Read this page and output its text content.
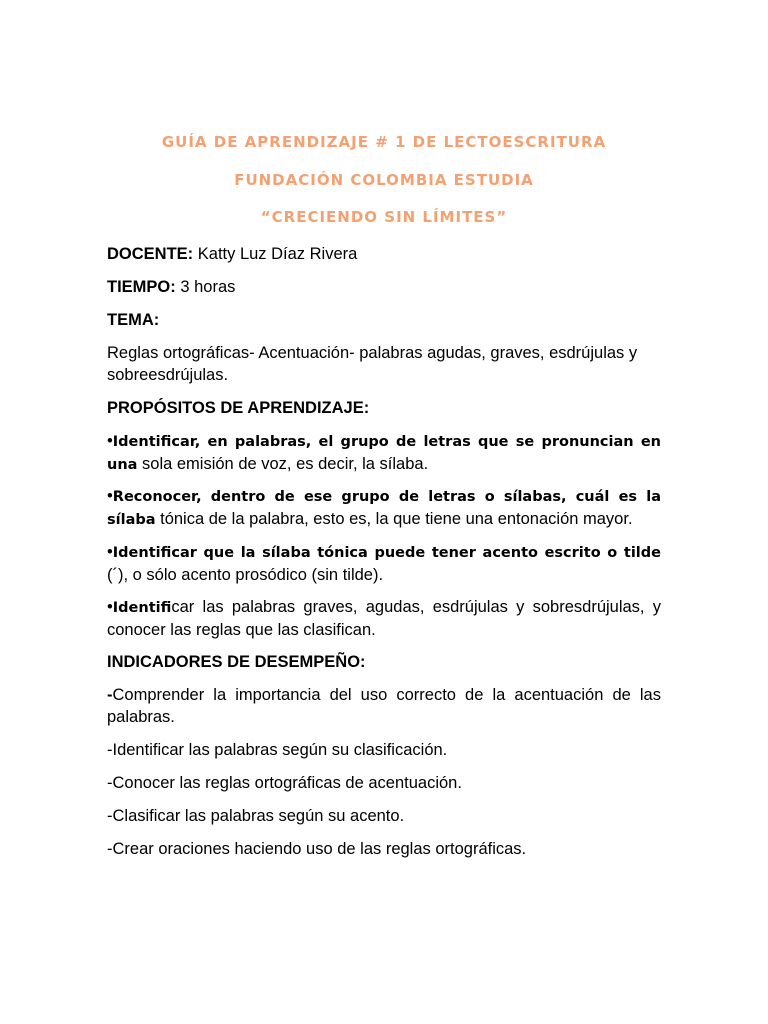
GUÍA DE APRENDIZAJE # 1 DE LECTOESCRITURA
FUNDACIÓN COLOMBIA ESTUDIA
“CRECIENDO SIN LÍMITES”
DOCENTE: Katty Luz Díaz Rivera
TIEMPO: 3 horas
TEMA:
Reglas ortográficas- Acentuación- palabras agudas, graves, esdrújulas y sobreesdrújulas.
PROPÓSITOS DE APRENDIZAJE:
•Identificar, en palabras, el grupo de letras que se pronuncian en una sola emisión de voz, es decir, la sílaba.
•Reconocer, dentro de ese grupo de letras o sílabas, cuál es la sílaba tónica de la palabra, esto es, la que tiene una entonación mayor.
•Identificar que la sílaba tónica puede tener acento escrito o tilde (´), o sólo acento prosódico (sin tilde).
•Identificar las palabras graves, agudas, esdrújulas y sobresdrújulas, y conocer las reglas que las clasifican.
INDICADORES DE DESEMPEÑO:
-Comprender la importancia del uso correcto de la acentuación de las palabras.
-Identificar las palabras según su clasificación.
-Conocer las reglas ortográficas de acentuación.
-Clasificar las palabras según su acento.
-Crear oraciones haciendo uso de las reglas ortográficas.
